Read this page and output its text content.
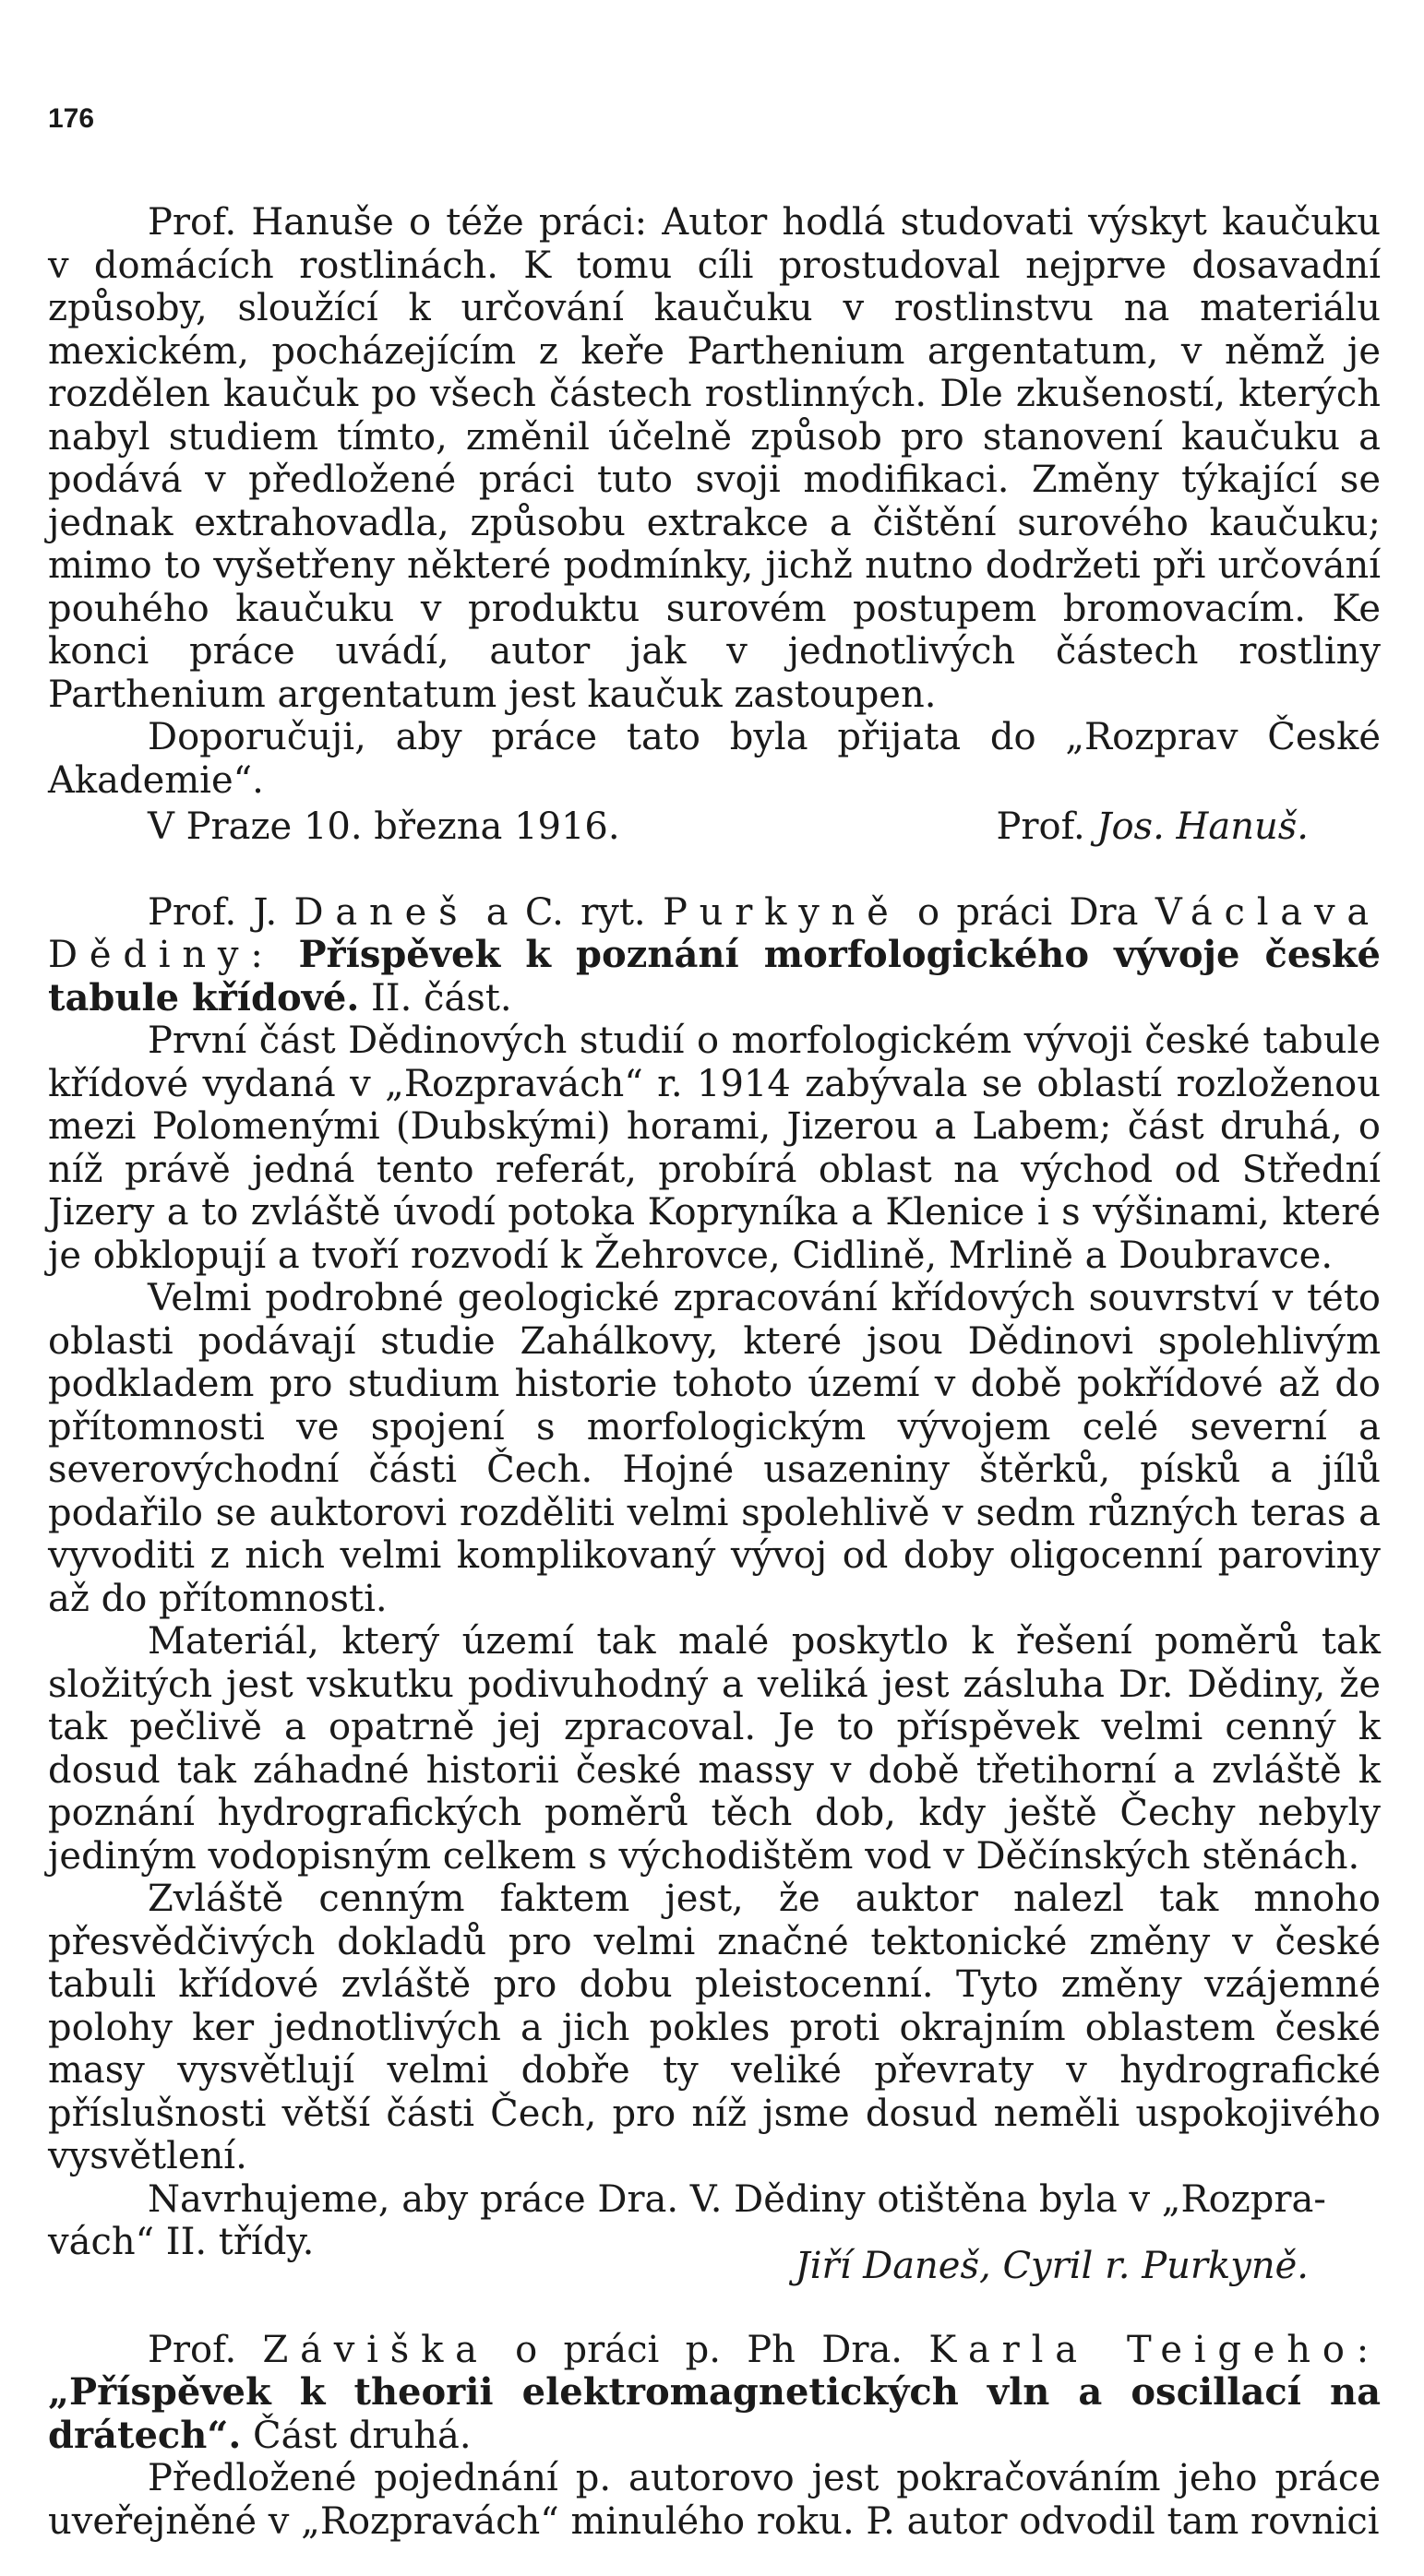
176

Prof. Hanuše o téže práci: Autor hodlá studovati výskyt kaučuku v domácích rostlinách. K tomu cíli prostudoval nejprve dosavadní způsoby, sloužící k určování kaučuku v rostlinstvu na materiálu mexickém, pocházejícím z keře Parthenium argentatum, v němž je rozdělen kaučuk po všech částech rostlinných. Dle zkušeností, kterých nabyl studiem tímto, změnil účelně způsob pro stanovení kaučuku a podává v předložené práci tuto svoji modifikaci. Změny týkající se jednak extrahovadla, způsobu extrakce a čištění surového kaučuku; mimo to vyšetřeny některé podmínky, jichž nutno dodržeti při určování pouhého kaučuku v produktu surovém postupem bromovacím. Ke konci práce uvádí, autor jak v jednotlivých částech rostliny Parthenium argentatum jest kaučuk zastoupen.

Doporučuji, aby práce tato byla přijata do „Rozprav České Akademie“.

V Praze 10. března 1916.	Prof. Jos. Hanuš.

Prof. J. Daneš a C. ryt. Purkyně o práci Dra Václava Dědiny: Příspěvek k poznání morfologického vývoje české tabule křídové. II. část.

První část Dědinových studií o morfologickém vývoji české tabule křídové vydaná v „Rozpravách“ r. 1914 zabývala se oblastí rozloženou mezi Polomenými (Dubskými) horami, Jizerou a Labem; část druhá, o níž právě jedná tento referát, probírá oblast na východ od Střední Jizery a to zvláště úvodí potoka Kopryníka a Klenice i s výšinami, které je obklopují a tvoří rozvodí k Žehrovce, Cidlině, Mrlině a Doubravce.

Velmi podrobné geologické zpracování křídových souvrství v této oblasti podávají studie Zahálkovy, které jsou Dědinovi spolehlivým podkladem pro studium historie tohoto území v době pokřídové až do přítomnosti ve spojení s morfologickým vývojem celé severní a severovýchodní části Čech. Hojné usazeniny štěrků, písků a jílů podařilo se auktorovi rozděliti velmi spolehlivě v sedm různých teras a vyvoditi z nich velmi komplikovaný vývoj od doby oligocenní paroviny až do přítomnosti.

Materiál, který území tak malé poskytlo k řešení poměrů tak složitých jest vskutku podivuhodný a veliká jest zásluha Dr. Dědiny, že tak pečlivě a opatrně jej zpracoval. Je to příspěvek velmi cenný k dosud tak záhadné historii české massy v době třetihorní a zvláště k poznání hydrografických poměrů těch dob, kdy ještě Čechy nebyly jediným vodopisným celkem s východištěm vod v Děčínských stěnách.

Zvláště cenným faktem jest, že auktor nalezl tak mnoho přesvědčivých dokladů pro velmi značné tektonické změny v české tabuli křídové zvláště pro dobu pleistocenní. Tyto změny vzájemné polohy ker jednotlivých a jich pokles proti okrajním oblastem české masy vysvětlují velmi dobře ty veliké převraty v hydrografické příslušnosti větší části Čech, pro níž jsme dosud neměli uspokojivého vysvětlení.

Navrhujeme, aby práce Dra. V. Dědiny otištěna byla v „Rozpra-

vách“ II. třídy.
Jiří Daneš, Cyril r. Purkyně.

Prof. Záviška o práci p. Ph Dra. Karla Teigeho: „Příspěvek k theorii elektromagnetických vln a oscillací na drátech“. Část druhá.

Předložené pojednání p. autorovo jest pokračováním jeho práce uveřejněné v „Rozpravách“ minulého roku. P. autor odvodil tam rovnici
